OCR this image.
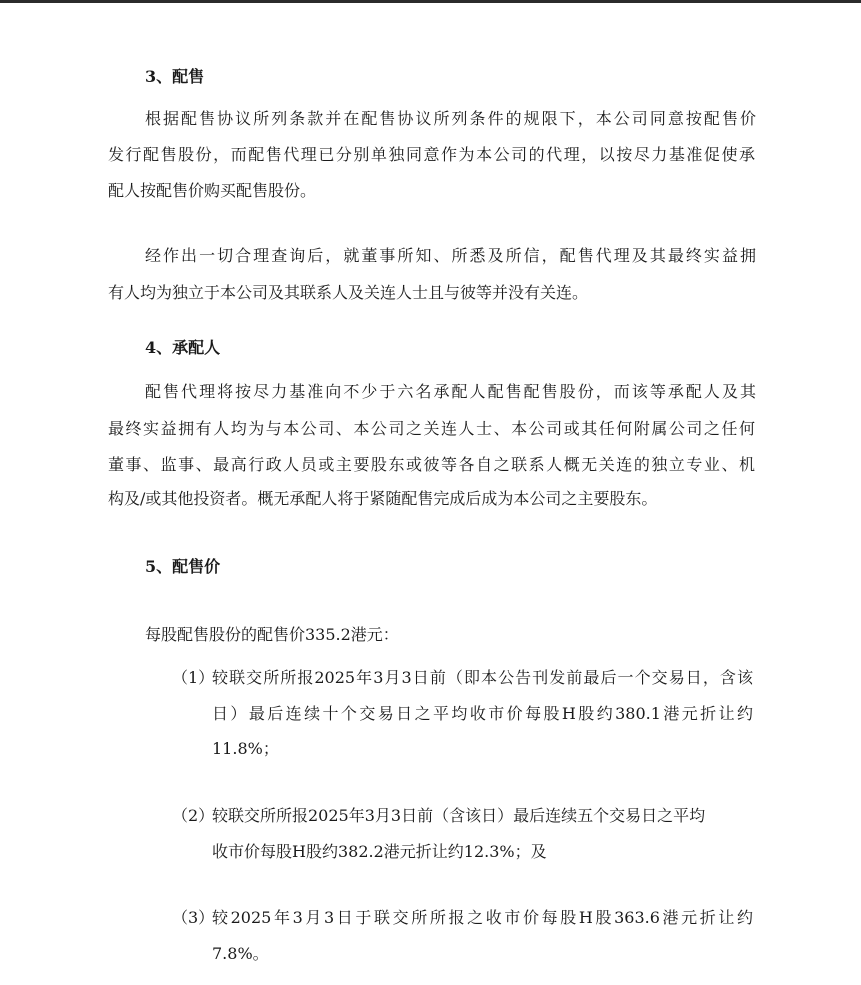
3、配售
根据配售协议所列条款并在配售协议所列条件的规限下，本公司同意按配售价
发行配售股份，而配售代理已分别单独同意作为本公司的代理，以按尽力基准促使承
配人按配售价购买配售股份。
经作出一切合理查询后，就董事所知、所悉及所信，配售代理及其最终实益拥
有人均为独立于本公司及其联系人及关连人士且与彼等并没有关连。
4、承配人
配售代理将按尽力基准向不少于六名承配人配售配售股份，而该等承配人及其
最终实益拥有人均为与本公司、本公司之关连人士、本公司或其任何附属公司之任何
董事、监事、最高行政人员或主要股东或彼等各自之联系人概无关连的独立专业、机
构及/或其他投资者。概无承配人将于紧随配售完成后成为本公司之主要股东。
5、配售价
每股配售股份的配售价335.2港元：
（1）
较联交所所报2025年3月3日前（即本公告刊发前最后一个交易日，含该
日）最后连续十个交易日之平均收市价每股H股约380.1港元折让约
11.8%；
（2）
较联交所所报2025年3月3日前（含该日）最后连续五个交易日之平均
收市价每股H股约382.2港元折让约12.3%；及
（3）
较2025年3月3日于联交所所报之收市价每股H股363.6港元折让约
7.8%。
